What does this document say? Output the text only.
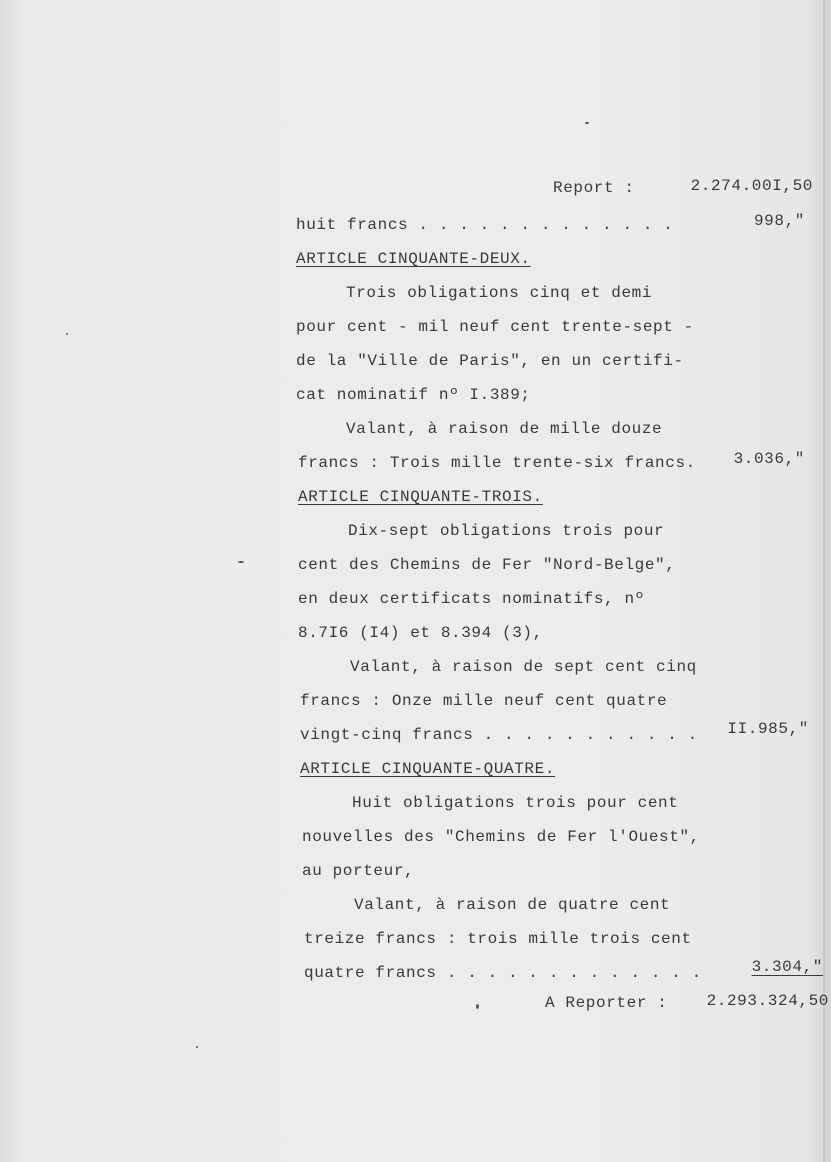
Report :	2.274.00I,50
huit francs . . . . . . . . . . . . .	998,"
ARTICLE CINQUANTE-DEUX.
Trois obligations cinq et demi
pour cent - mil neuf cent trente-sept -
de la "Ville de Paris", en un certifi-
cat nominatif nº I.389;
Valant, à raison de mille douze
francs : Trois mille trente-six francs. 3.036,"
ARTICLE CINQUANTE-TROIS.
Dix-sept obligations trois pour
cent des Chemins de Fer "Nord-Belge",
en deux certificats nominatifs, nº
8.7I6 (I4) et 8.394 (3),
Valant, à raison de sept cent cinq
francs : Onze mille neuf cent quatre
vingt-cinq francs . . . . . . . . . . . II.985,"
ARTICLE CINQUANTE-QUATRE.
Huit obligations trois pour cent
nouvelles des "Chemins de Fer l'Ouest",
au porteur,
Valant, à raison de quatre cent
treize francs : trois mille trois cent
quatre francs . . . . . . . . . . . . .	3.304,"
A Reporter : 2.293.324,50
